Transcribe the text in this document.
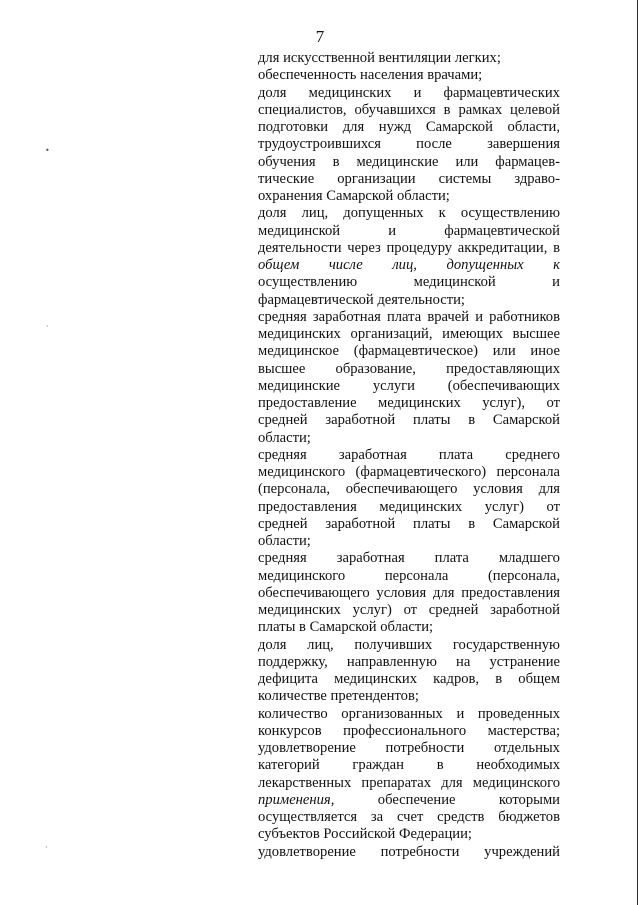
7
для искусственной вентиляции легких;
обеспеченность населения врачами;
доля медицинских и фармацевтических
специалистов, обучавшихся в рамках целевой
подготовки для нужд Самарской области,
трудоустроившихся после завершения
обучения в медицинские или фармацев-
тические организации системы здраво-
охранения Самарской области;
доля лиц, допущенных к осуществлению
медицинской	и	фармацевтической
деятельности через процедуру аккредитации, в
общем числе лиц, допущенных к
осуществлению	медицинской	и
фармацевтической деятельности;
средняя заработная плата врачей и работников
медицинских организаций, имеющих высшее
медицинское (фармацевтическое) или иное
высшее образование, предоставляющих
медицинские услуги (обеспечивающих
предоставление медицинских услуг), от
средней заработной платы в Самарской
области;
средняя заработная плата среднего
медицинского (фармацевтического) персонала
(персонала, обеспечивающего условия для
предоставления медицинских услуг) от
средней заработной платы в Самарской
области;
средняя заработная плата младшего
медицинского	персонала	(персонала,
обеспечивающего условия для предоставления
медицинских услуг) от средней заработной
платы в Самарской области;
доля лиц, получивших государственную
поддержку, направленную на устранение
дефицита медицинских кадров, в общем
количестве претендентов;
количество организованных и проведенных
конкурсов профессионального мастерства;
удовлетворение потребности отдельных
категорий граждан в необходимых
лекарственных препаратах для медицинского
применения,	обеспечение	которыми
осуществляется за счет средств бюджетов
субъектов Российской Федерации;
удовлетворение потребности учреждений
•
·
·
